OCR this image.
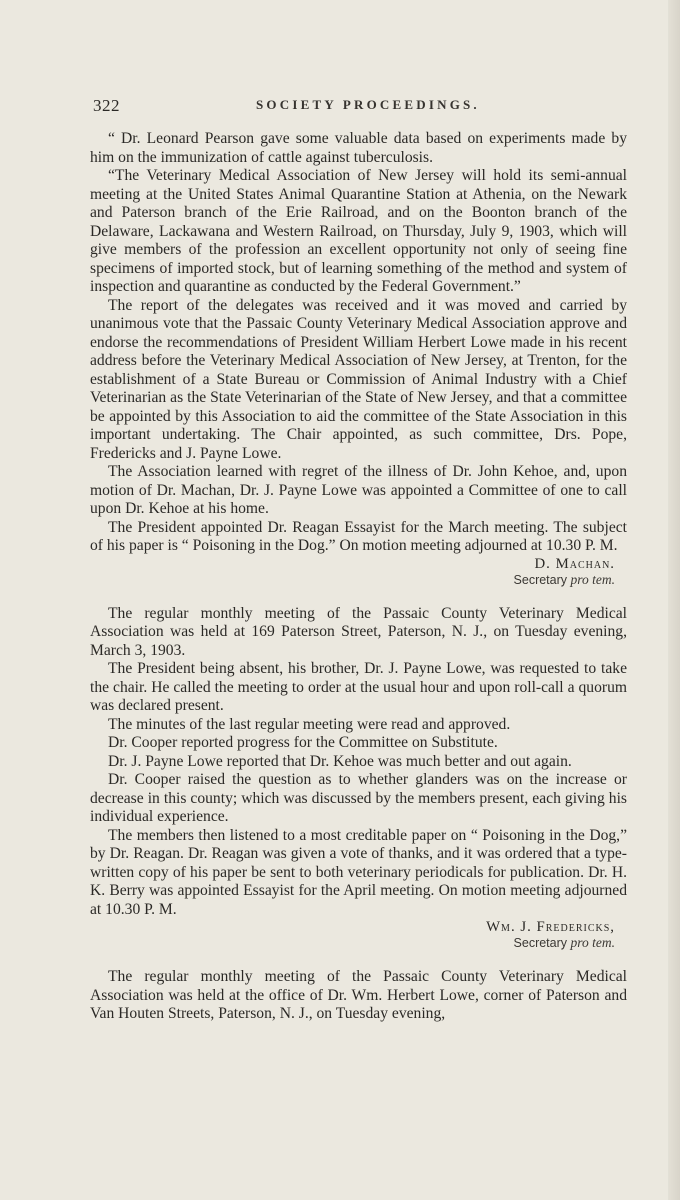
322	SOCIETY PROCEEDINGS.

“ Dr. Leonard Pearson gave some valuable data based on experiments made by him on the immunization of cattle against tuberculosis.

“The Veterinary Medical Association of New Jersey will hold its semi-annual meeting at the United States Animal Quarantine Station at Athenia, on the Newark and Paterson branch of the Erie Railroad, and on the Boonton branch of the Delaware, Lackawana and Western Railroad, on Thursday, July 9, 1903, which will give members of the profession an excellent opportunity not only of seeing fine specimens of imported stock, but of learning something of the method and system of inspection and quarantine as conducted by the Federal Government.”

The report of the delegates was received and it was moved and carried by unanimous vote that the Passaic County Veterinary Medical Association approve and endorse the recommendations of President William Herbert Lowe made in his recent address before the Veterinary Medical Association of New Jersey, at Trenton, for the establishment of a State Bureau or Commission of Animal Industry with a Chief Veterinarian as the State Veterinarian of the State of New Jersey, and that a committee be appointed by this Association to aid the committee of the State Association in this important undertaking. The Chair appointed, as such committee, Drs. Pope, Fredericks and J. Payne Lowe.

The Association learned with regret of the illness of Dr. John Kehoe, and, upon motion of Dr. Machan, Dr. J. Payne Lowe was appointed a Committee of one to call upon Dr. Kehoe at his home.

The President appointed Dr. Reagan Essayist for the March meeting. The subject of his paper is “ Poisoning in the Dog.” On motion meeting adjourned at 10.30 P. M.

D. Machan.
Secretary pro tem.

The regular monthly meeting of the Passaic County Veterinary Medical Association was held at 169 Paterson Street, Paterson, N. J., on Tuesday evening, March 3, 1903.

The President being absent, his brother, Dr. J. Payne Lowe, was requested to take the chair. He called the meeting to order at the usual hour and upon roll-call a quorum was declared present.

The minutes of the last regular meeting were read and approved.

Dr. Cooper reported progress for the Committee on Substitute.

Dr. J. Payne Lowe reported that Dr. Kehoe was much better and out again.

Dr. Cooper raised the question as to whether glanders was on the increase or decrease in this county; which was discussed by the members present, each giving his individual experience.

The members then listened to a most creditable paper on “ Poisoning in the Dog,” by Dr. Reagan. Dr. Reagan was given a vote of thanks, and it was ordered that a type-written copy of his paper be sent to both veterinary periodicals for publication. Dr. H. K. Berry was appointed Essayist for the April meeting. On motion meeting adjourned at 10.30 P. M.

Wm. J. Fredericks,
Secretary pro tem.

The regular monthly meeting of the Passaic County Veterinary Medical Association was held at the office of Dr. Wm. Herbert Lowe, corner of Paterson and Van Houten Streets, Paterson, N. J., on Tuesday evening,
